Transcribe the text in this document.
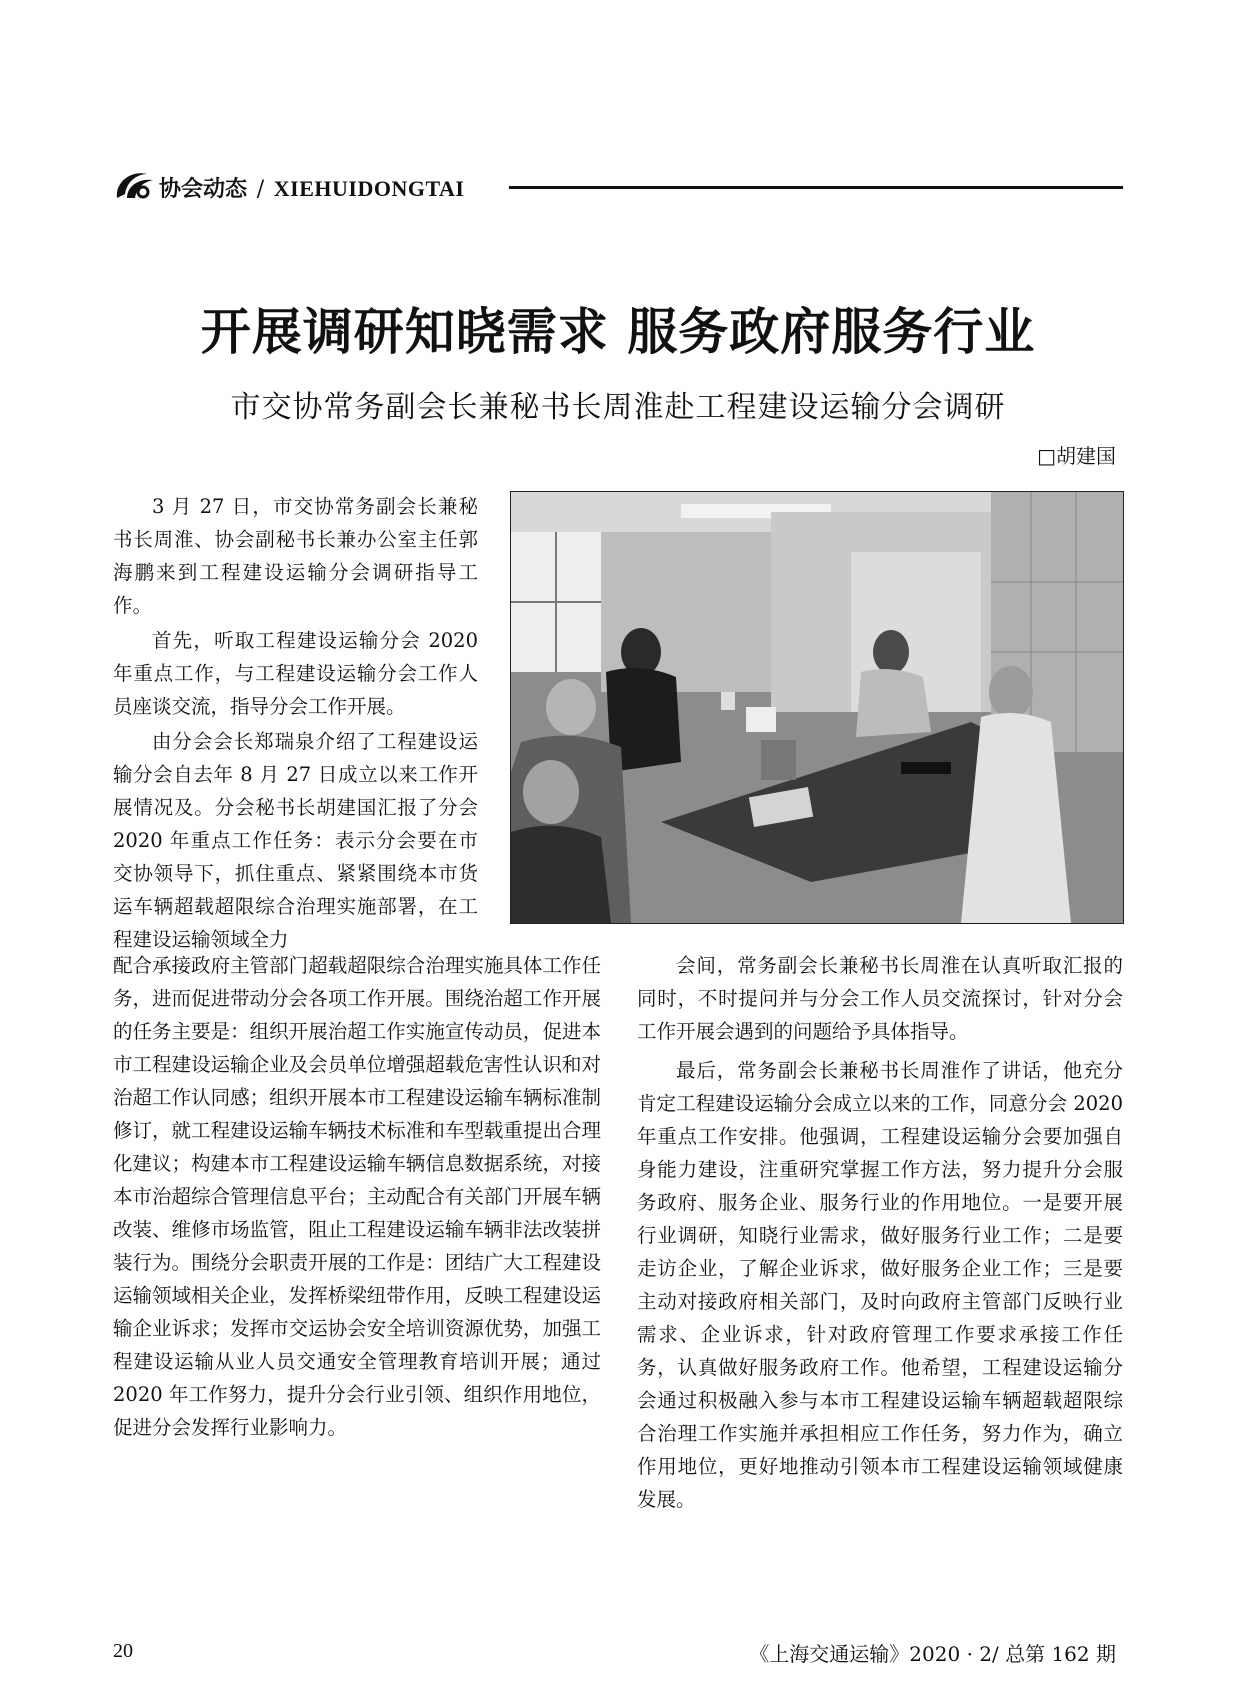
协会动态 / XIEHUIDONGTAI
开展调研知晓需求 服务政府服务行业
市交协常务副会长兼秘书长周淮赴工程建设运输分会调研
□胡建国

3 月 27 日，市交协常务副会长兼秘书长周淮、协会副秘书长兼办公室主任郭海鹏来到工程建设运输分会调研指导工作。

首先，听取工程建设运输分会 2020 年重点工作，与工程建设运输分会工作人员座谈交流，指导分会工作开展。

由分会会长郑瑞泉介绍了工程建设运输分会自去年 8 月 27 日成立以来工作开展情况及。分会秘书长胡建国汇报了分会 2020 年重点工作任务：表示分会要在市交协领导下，抓住重点、紧紧围绕本市货运车辆超载超限综合治理实施部署，在工程建设运输领域全力

配合承接政府主管部门超载超限综合治理实施具体工作任务，进而促进带动分会各项工作开展。围绕治超工作开展的任务主要是：组织开展治超工作实施宣传动员，促进本市工程建设运输企业及会员单位增强超载危害性认识和对治超工作认同感；组织开展本市工程建设运输车辆标准制修订，就工程建设运输车辆技术标准和车型载重提出合理化建议；构建本市工程建设运输车辆信息数据系统，对接本市治超综合管理信息平台；主动配合有关部门开展车辆改装、维修市场监管，阻止工程建设运输车辆非法改装拼装行为。围绕分会职责开展的工作是：团结广大工程建设运输领域相关企业，发挥桥梁纽带作用，反映工程建设运输企业诉求；发挥市交运协会安全培训资源优势，加强工程建设运输从业人员交通安全管理教育培训开展；通过 2020 年工作努力，提升分会行业引领、组织作用地位，促进分会发挥行业影响力。

会间，常务副会长兼秘书长周淮在认真听取汇报的同时，不时提问并与分会工作人员交流探讨，针对分会工作开展会遇到的问题给予具体指导。

最后，常务副会长兼秘书长周淮作了讲话，他充分肯定工程建设运输分会成立以来的工作，同意分会 2020 年重点工作安排。他强调，工程建设运输分会要加强自身能力建设，注重研究掌握工作方法，努力提升分会服务政府、服务企业、服务行业的作用地位。一是要开展行业调研，知晓行业需求，做好服务行业工作；二是要走访企业，了解企业诉求，做好服务企业工作；三是要主动对接政府相关部门，及时向政府主管部门反映行业需求、企业诉求，针对政府管理工作要求承接工作任务，认真做好服务政府工作。他希望，工程建设运输分会通过积极融入参与本市工程建设运输车辆超载超限综合治理工作实施并承担相应工作任务，努力作为，确立作用地位，更好地推动引领本市工程建设运输领域健康发展。

20	《上海交通运输》2020 · 2/ 总第 162 期
